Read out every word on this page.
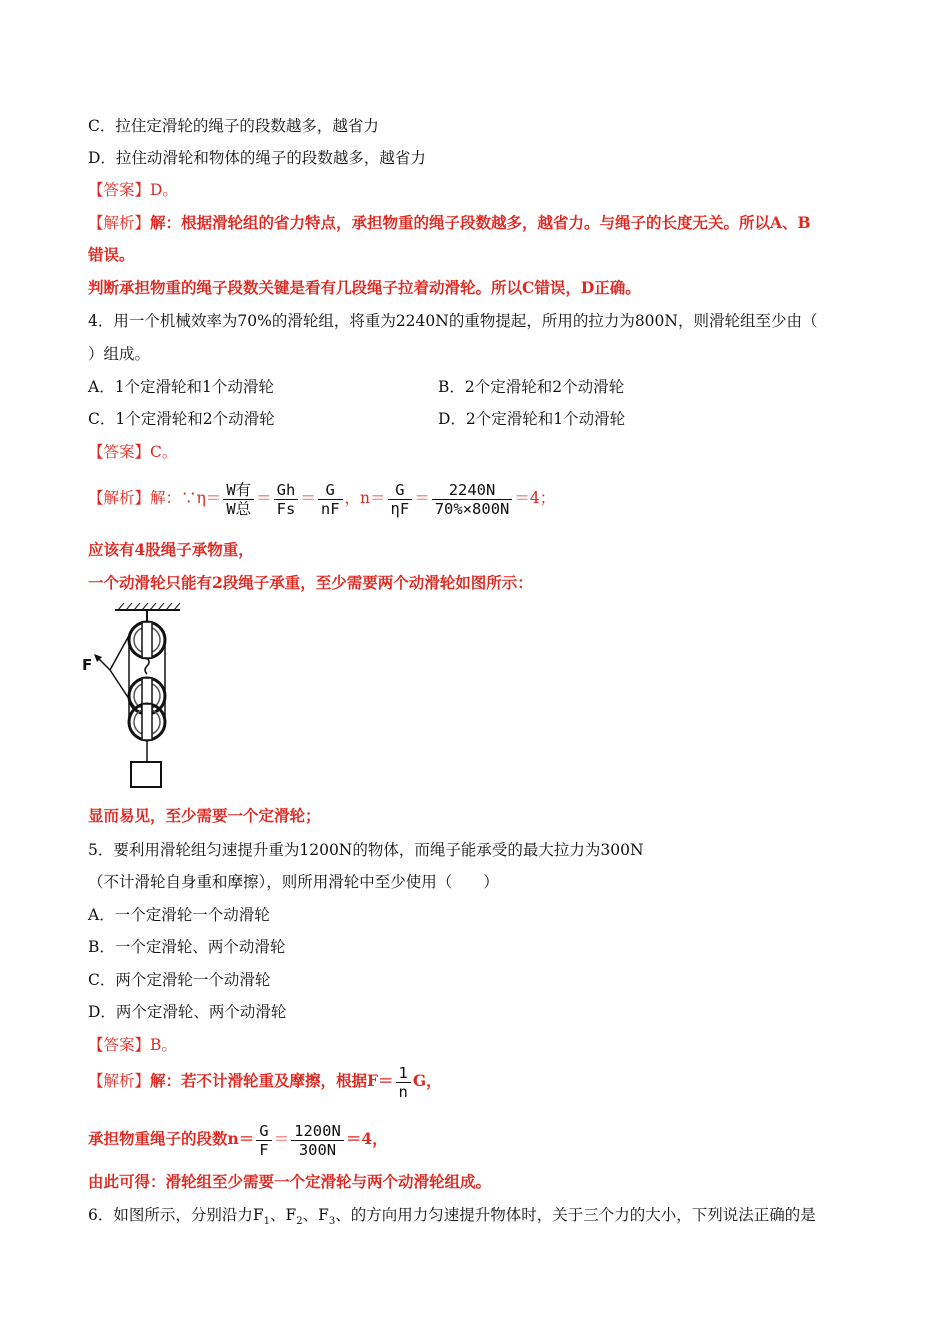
C．拉住定滑轮的绳子的段数越多，越省力
D．拉住动滑轮和物体的绳子的段数越多，越省力
【答案】D。
【解析】解：根据滑轮组的省力特点，承担物重的绳子段数越多，越省力。与绳子的长度无关。所以A、B
错误。
判断承担物重的绳子段数关键是看有几段绳子拉着动滑轮。所以C错误，D正确。
4．用一个机械效率为70%的滑轮组，将重为2240N的重物提起，所用的拉力为800N，则滑轮组至少由（
）组成。
A．1个定滑轮和1个动滑轮	B．2个定滑轮和2个动滑轮
C．1个定滑轮和2个动滑轮	D．2个定滑轮和1个动滑轮
【答案】C。
【解析】解：∵η＝ $\frac{\text{W有}}{\text{W总}} = \frac{Gh}{Fs} = \frac{G}{nF}$ ，$n= \frac{G}{\eta F} = \frac{2240N}{70\%\times 800N} =4$；
应该有4股绳子承物重，
一个动滑轮只能有2段绳子承重，至少需要两个动滑轮如图所示：
F
显而易见，至少需要一个定滑轮；
5．要利用滑轮组匀速提升重为1200N的物体，而绳子能承受的最大拉力为300N
（不计滑轮自身重和摩擦），则所用滑轮中至少使用（　　）
A．一个定滑轮一个动滑轮
B．一个定滑轮、两个动滑轮
C．两个定滑轮一个动滑轮
D．两个定滑轮、两个动滑轮
【答案】B。
【解析】解：若不计滑轮重及摩擦，根据$F= \frac{1}{n}$ G，
承担物重绳子的段数$n= \frac{G}{F} = \frac{1200N}{300N} =4$，
由此可得：滑轮组至少需要一个定滑轮与两个动滑轮组成。
6．如图所示，分别沿力$F_1$、$F_2$、$F_3$、的方向用力匀速提升物体时，关于三个力的大小，下列说法正确的是
